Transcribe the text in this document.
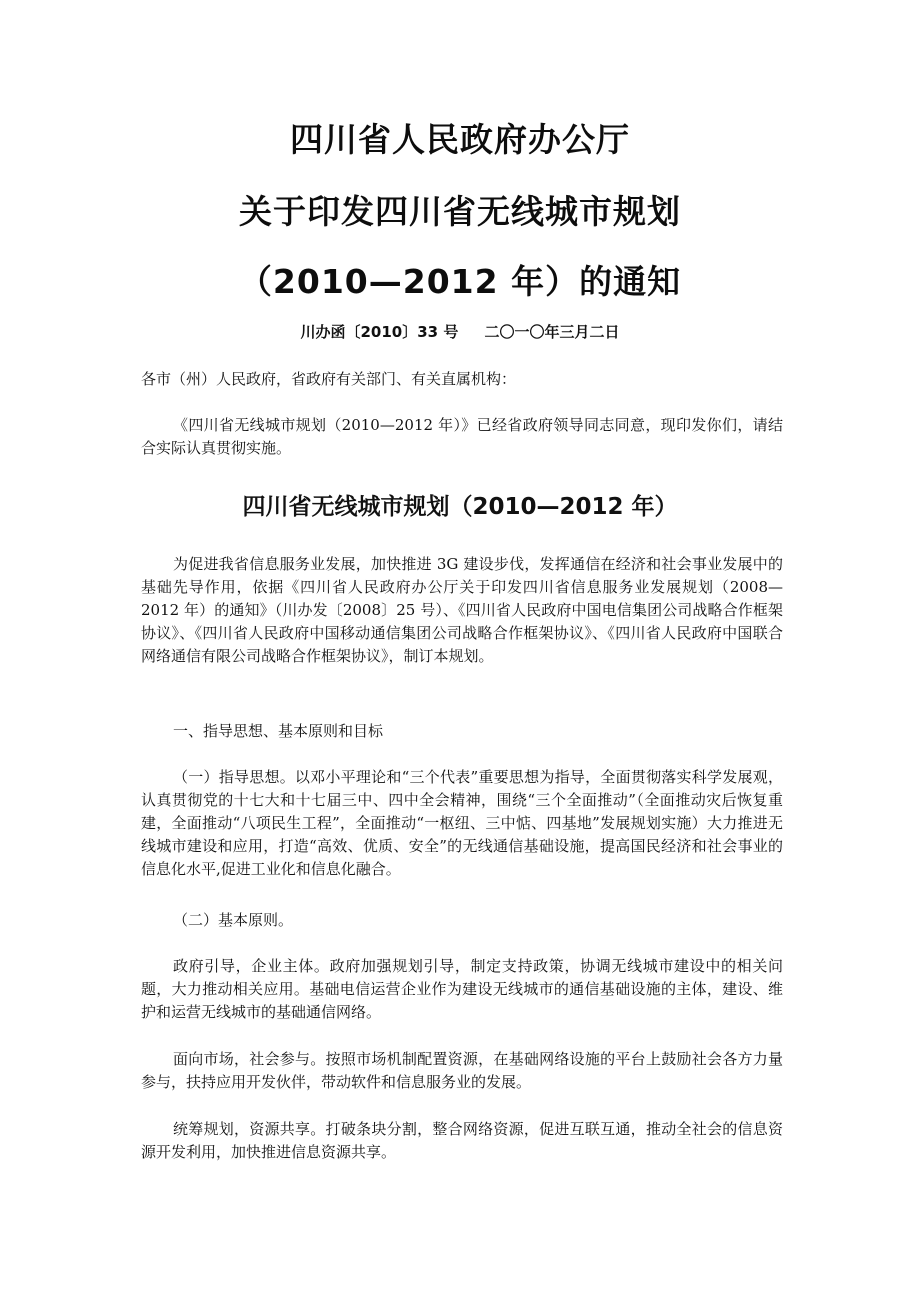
四川省人民政府办公厅
关于印发四川省无线城市规划
（2010—2012 年）的通知
川办函〔2010〕33 号 二〇一〇年三月二日
各市（州）人民政府，省政府有关部门、有关直属机构：
《四川省无线城市规划（2010—2012 年）》已经省政府领导同志同意，现印发你们，请结合实际认真贯彻实施。
四川省无线城市规划（2010—2012 年）
为促进我省信息服务业发展，加快推进 3G 建设步伐，发挥通信在经济和社会事业发展中的基础先导作用，依据《四川省人民政府办公厅关于印发四川省信息服务业发展规划（2008—2012 年）的通知》（川办发〔2008〕25 号）、《四川省人民政府中国电信集团公司战略合作框架协议》、《四川省人民政府中国移动通信集团公司战略合作框架协议》、《四川省人民政府中国联合网络通信有限公司战略合作框架协议》，制订本规划。
一、指导思想、基本原则和目标
（一）指导思想。以邓小平理论和“三个代表”重要思想为指导，全面贯彻落实科学发展观，认真贯彻党的十七大和十七届三中、四中全会精神，围绕“三个全面推动”（全面推动灾后恢复重建，全面推动“八项民生工程”，全面推动“一枢纽、三中惦、四基地”发展规划实施）大力推进无线城市建设和应用，打造“高效、优质、安全”的无线通信基础设施，提高国民经济和社会事业的信息化水平,促进工业化和信息化融合。
（二）基本原则。
政府引导，企业主体。政府加强规划引导，制定支持政策，协调无线城市建设中的相关问题，大力推动相关应用。基础电信运营企业作为建设无线城市的通信基础设施的主体，建设、维护和运营无线城市的基础通信网络。
面向市场，社会参与。按照市场机制配置资源，在基础网络设施的平台上鼓励社会各方力量参与，扶持应用开发伙伴，带动软件和信息服务业的发展。
统筹规划，资源共享。打破条块分割，整合网络资源，促进互联互通，推动全社会的信息资源开发利用，加快推进信息资源共享。
